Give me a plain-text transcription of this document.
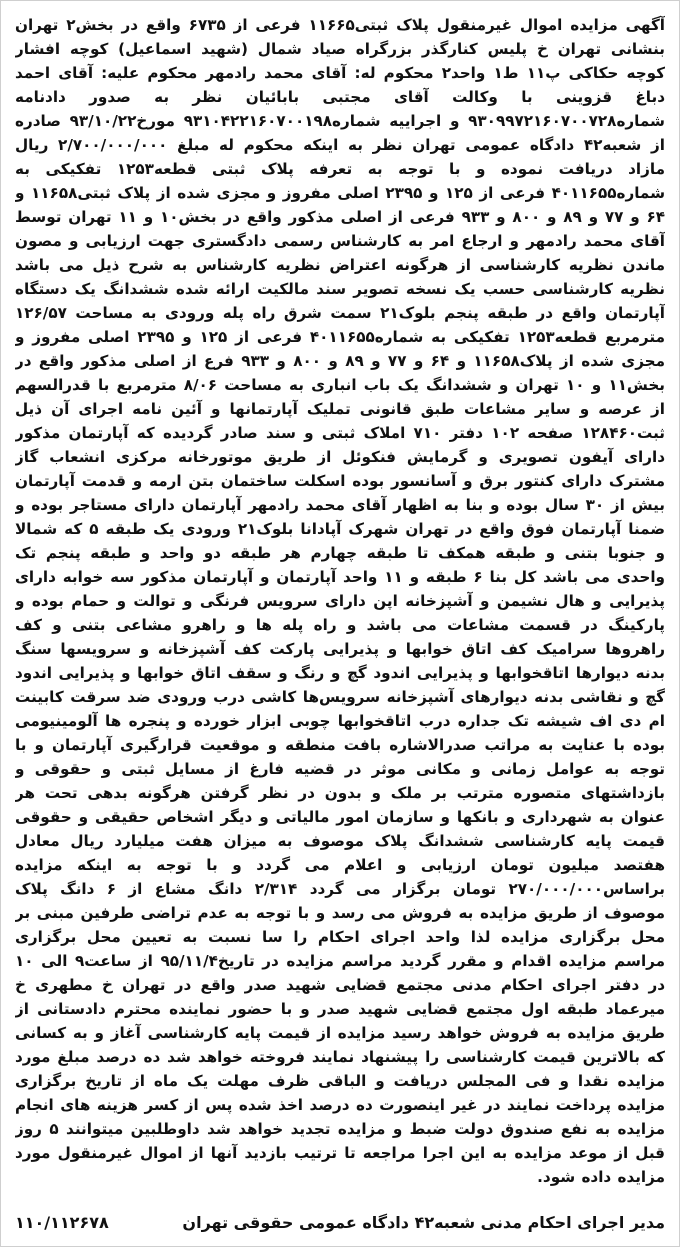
آگهی مزایده اموال غیرمنقول پلاک ثبتی۱۱۶۶۵ فرعی از ۶۷۳۵ واقع در بخش۲ تهران بنشانی تهران خ پلیس کنارگذر بزرگراه صیاد شمال (شهید اسماعیل) کوچه افشار کوچه حکاکی پ۱۱ ط۱ واحد۲ محکوم له: آقای محمد رادمهر محکوم علیه: آقای احمد دباغ قزوینی با وکالت آقای مجتبی بابائیان نظر به صدور دادنامه شماره۹۳۰۹۹۷۲۱۶۰۷۰۰۷۲۸ و اجراییه شماره۹۳۱۰۴۲۲۱۶۰۷۰۰۱۹۸ مورخ۹۳/۱۰/۲۲ صادره از شعبه۴۲ دادگاه عمومی تهران نظر به اینکه محکوم له مبلغ ۲/۷۰۰/۰۰۰/۰۰۰ ریال مازاد دریافت نموده و با توجه به تعرفه پلاک ثبتی قطعه۱۲۵۳ تفکیکی به شماره۴۰۱۱۶۵۵ فرعی از ۱۲۵ و ۲۳۹۵ اصلی مفروز و مجزی شده از پلاک ثبتی۱۱۶۵۸ و ۶۴ و ۷۷ و ۸۹ و ۸۰۰ و ۹۳۳ فرعی از اصلی مذکور واقع در بخش۱۰ و ۱۱ تهران توسط آقای محمد رادمهر و ارجاع امر به کارشناس رسمی دادگستری جهت ارزیابی و مصون ماندن نظریه کارشناسی از هرگونه اعتراض نظریه کارشناس به شرح ذیل می باشد نظریه کارشناسی حسب یک نسخه تصویر سند مالکیت ارائه شده ششدانگ یک دستگاه آپارتمان واقع در طبقه پنجم بلوک۲۱ سمت شرق راه پله ورودی به مساحت ۱۲۶/۵۷ مترمربع قطعه۱۲۵۳ تفکیکی به شماره۴۰۱۱۶۵۵ فرعی از ۱۲۵ و ۲۳۹۵ اصلی مفروز و مجزی شده از پلاک۱۱۶۵۸ و ۶۴ و ۷۷ و ۸۹ و ۸۰۰ و ۹۳۳ فرع از اصلی مذکور واقع در بخش۱۱ و ۱۰ تهران و ششدانگ یک باب انباری به مساحت ۸/۰۶ مترمربع با قدرالسهم از عرصه و سایر مشاعات طبق قانونی تملیک آپارتمانها و آئین نامه اجرای آن ذیل ثبت۱۲۸۴۶۰ صفحه ۱۰۲ دفتر ۷۱۰ املاک ثبتی و سند صادر گردیده که آپارتمان مذکور دارای آیفون تصویری و گرمایش فنکوئل از طریق موتورخانه مرکزی انشعاب گاز مشترک دارای کنتور برق و آسانسور بوده اسکلت ساختمان بتن ارمه و قدمت آپارتمان بیش از ۳۰ سال بوده و بنا به اظهار آقای محمد رادمهر آپارتمان دارای مستاجر بوده و ضمنا آپارتمان فوق واقع در تهران شهرک آپادانا بلوک۲۱ ورودی یک طبقه ۵ که شمالا و جنوبا بتنی و طبقه همکف تا طبقه چهارم هر طبقه دو واحد و طبقه پنجم تک واحدی می باشد کل بنا ۶ طبقه و ۱۱ واحد آپارتمان و آپارتمان مذکور سه خوابه دارای پذیرایی و هال نشیمن و آشپزخانه اپن دارای سرویس فرنگی و توالت و حمام بوده و پارکینگ در قسمت مشاعات می باشد و راه پله ها و راهرو مشاعی بتنی و کف راهروها سرامیک کف اتاق خوابها و پذیرایی پارکت کف آشپزخانه و سرویسها سنگ بدنه دیوارها اتاقخوابها و پذیرایی اندود گچ و رنگ و سقف اتاق خوابها و پذیرایی اندود گچ و نقاشی بدنه دیوارهای آشپزخانه سرویس‌ها کاشی درب ورودی ضد سرقت کابینت ام دی اف شیشه تک جداره درب اتاقخوابها چوبی ابزار خورده و پنجره ها آلومینیومی بوده با عنایت به مراتب صدرالاشاره بافت منطقه و موقعیت قرارگیری آپارتمان و با توجه به عوامل زمانی و مکانی موثر در قضیه فارغ از مسایل ثبتی و حقوقی و بازداشتهای متصوره مترتب بر ملک و بدون در نظر گرفتن هرگونه بدهی تحت هر عنوان به شهرداری و بانکها و سازمان امور مالیاتی و دیگر اشخاص حقیقی و حقوقی قیمت پایه کارشناسی ششدانگ پلاک موصوف به میزان هفت میلیارد ریال معادل هفتصد میلیون تومان ارزیابی و اعلام می گردد و با توجه به اینکه مزایده براساس۲۷۰/۰۰۰/۰۰۰ تومان برگزار می گردد ۲/۳۱۴ دانگ مشاع از ۶ دانگ پلاک موصوف از طریق مزایده به فروش می رسد و با توجه به عدم تراضی طرفین مبنی بر محل برگزاری مزایده لذا واحد اجرای احکام را سا نسبت به تعیین محل برگزاری مراسم مزایده اقدام و مقرر گردید مراسم مزایده در تاریخ۹۵/۱۱/۴ از ساعت۹ الی ۱۰ در دفتر اجرای احکام مدنی مجتمع قضایی شهید صدر واقع در تهران خ مطهری خ میرعماد طبقه اول مجتمع قضایی شهید صدر و با حضور نماینده محترم دادستانی از طریق مزایده به فروش خواهد رسید مزایده از قیمت پایه کارشناسی آغاز و به کسانی که بالاترین قیمت کارشناسی را پیشنهاد نمایند فروخته خواهد شد ده درصد مبلغ مورد مزایده نقدا و فی المجلس دریافت و الباقی ظرف مهلت یک ماه از تاریخ برگزاری مزایده پرداخت نمایند در غیر اینصورت ده درصد اخذ شده پس از کسر هزینه های انجام مزایده به نفع صندوق دولت ضبط و مزایده تجدید خواهد شد داوطلبین میتوانند ۵ روز قبل از موعد مزایده به این اجرا مراجعه تا ترتیب بازدید آنها از اموال غیرمنقول مورد مزایده داده شود.

مدیر اجرای احکام مدنی شعبه۴۲ دادگاه عمومی حقوقی تهران
۱۱۰/۱۱۲۶۷۸
